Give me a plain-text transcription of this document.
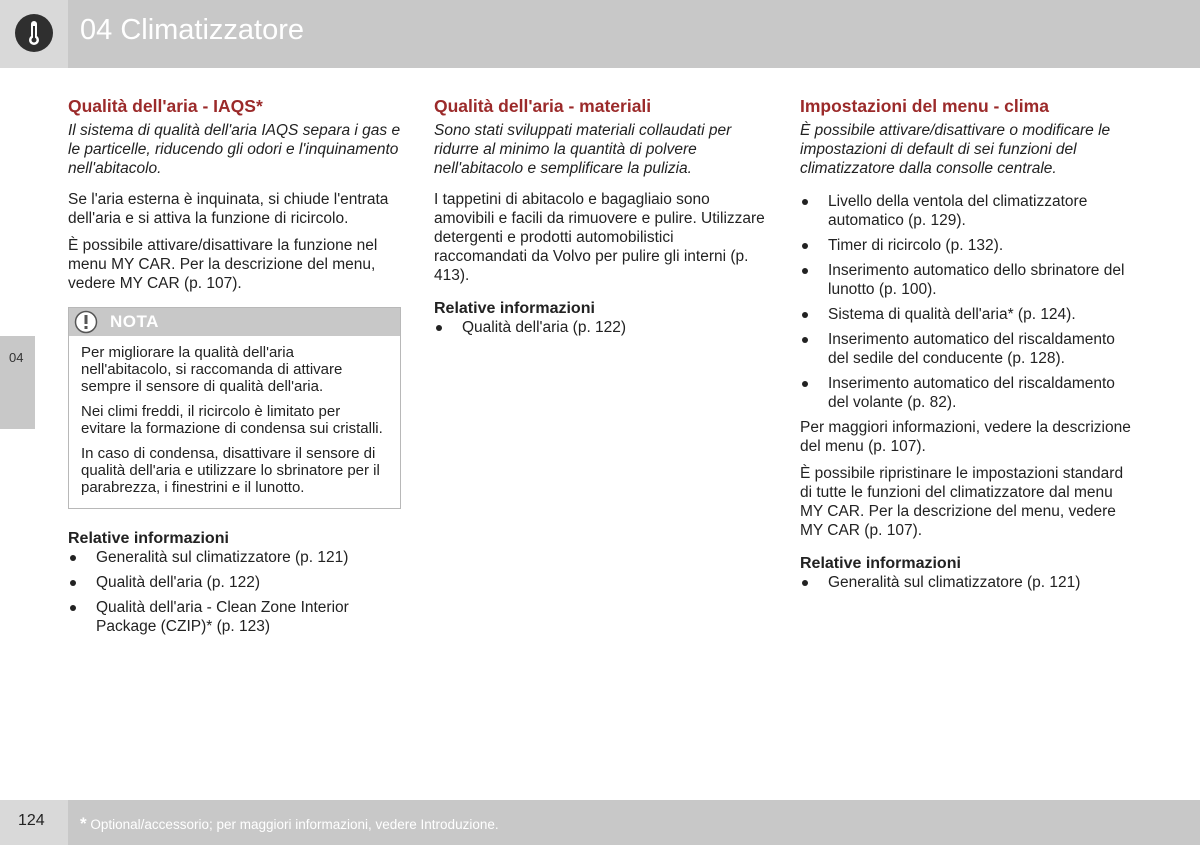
04 Climatizzatore
04
Qualità dell'aria - IAQS*

Il sistema di qualità dell'aria IAQS separa i gas e le particelle, riducendo gli odori e l'inquinamento nell'abitacolo.

Se l'aria esterna è inquinata, si chiude l'entrata dell'aria e si attiva la funzione di ricircolo.

È possibile attivare/disattivare la funzione nel menu MY CAR. Per la descrizione del menu, vedere MY CAR (p. 107).

NOTA

Per migliorare la qualità dell'aria nell'abitacolo, si raccomanda di attivare sempre il sensore di qualità dell'aria.

Nei climi freddi, il ricircolo è limitato per evitare la formazione di condensa sui cristalli.

In caso di condensa, disattivare il sensore di qualità dell'aria e utilizzare lo sbrinatore per il parabrezza, i finestrini e il lunotto.

Relative informazioni
Generalità sul climatizzatore (p. 121)
Qualità dell'aria (p. 122)
Qualità dell'aria - Clean Zone Interior Package (CZIP)* (p. 123)
Qualità dell'aria - materiali

Sono stati sviluppati materiali collaudati per ridurre al minimo la quantità di polvere nell'abitacolo e semplificare la pulizia.

I tappetini di abitacolo e bagagliaio sono amovibili e facili da rimuovere e pulire. Utilizzare detergenti e prodotti automobilistici raccomandati da Volvo per pulire gli interni (p. 413).

Relative informazioni
Qualità dell'aria (p. 122)
Impostazioni del menu - clima

È possibile attivare/disattivare o modificare le impostazioni di default di sei funzioni del climatizzatore dalla consolle centrale.

Livello della ventola del climatizzatore automatico (p. 129).
Timer di ricircolo (p. 132).
Inserimento automatico dello sbrinatore del lunotto (p. 100).
Sistema di qualità dell'aria* (p. 124).
Inserimento automatico del riscaldamento del sedile del conducente (p. 128).
Inserimento automatico del riscaldamento del volante (p. 82).

Per maggiori informazioni, vedere la descrizione del menu (p. 107).

È possibile ripristinare le impostazioni standard di tutte le funzioni del climatizzatore dal menu MY CAR. Per la descrizione del menu, vedere MY CAR (p. 107).

Relative informazioni
Generalità sul climatizzatore (p. 121)
124 * Optional/accessorio; per maggiori informazioni, vedere Introduzione.
